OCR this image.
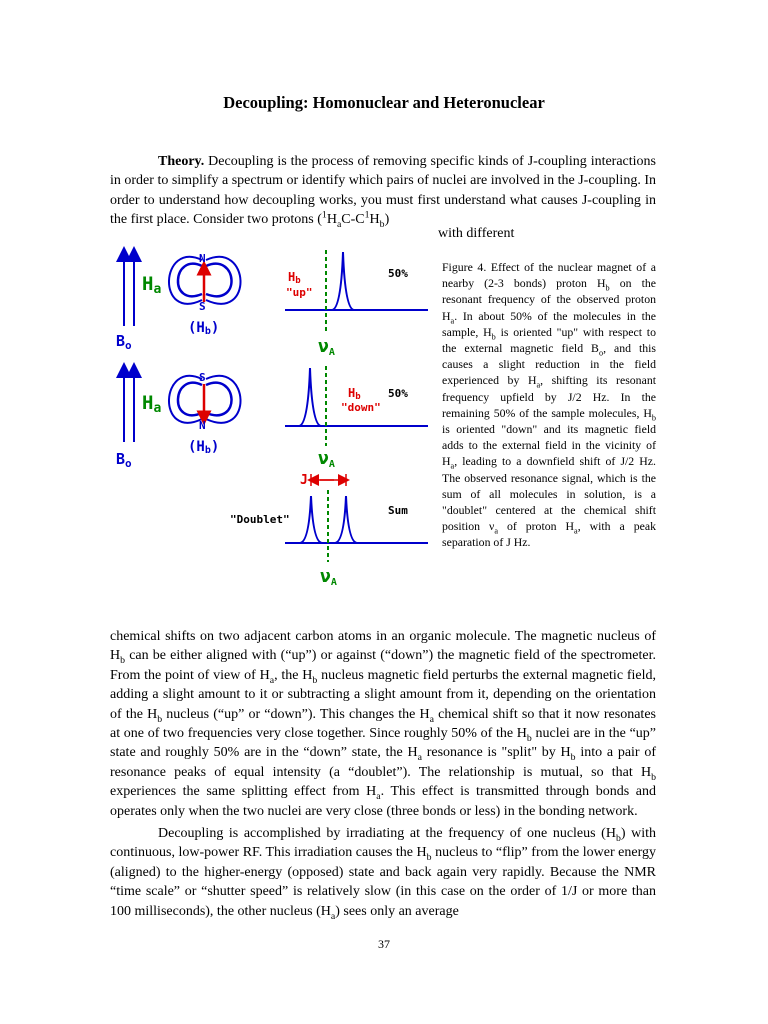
Decoupling: Homonuclear and Heteronuclear

Theory. Decoupling is the process of removing specific kinds of J-coupling interactions in order to simplify a spectrum or identify which pairs of nuclei are involved in the J-coupling. In order to understand how decoupling works, you must first understand what causes J-coupling in the first place. Consider two protons $(^1H_aC-C^1H_b)$

with different

Ha
N
S
(Hb)
$B_o$
Hb
"up"
50%
νA
Ha
S
N
(Hb)
$B_o$
Hb
"down"
50%
νA
J
Sum
"Doublet"
νA

Figure 4. Effect of the nuclear magnet of a nearby (2-3 bonds) proton $H_b$ on the resonant frequency of the observed proton $H_a$. In about 50% of the molecules in the sample, $H_b$ is oriented "up" with respect to the external magnetic field $B_o$, and this causes a slight reduction in the field experienced by $H_a$, shifting its resonant frequency upfield by J/2 Hz. In the remaining 50% of the sample molecules, $H_b$ is oriented "down" and its magnetic field adds to the external field in the vicinity of $H_a$, leading to a downfield shift of J/2 Hz. The observed resonance signal, which is the sum of all molecules in solution, is a "doublet" centered at the chemical shift position $\nu_a$ of proton $H_a$, with a peak separation of J Hz.

chemical shifts on two adjacent carbon atoms in an organic molecule. The magnetic nucleus of $H_b$ can be either aligned with (“up”) or against (“down”) the magnetic field of the spectrometer. From the point of view of $H_a$, the $H_b$ nucleus magnetic field perturbs the external magnetic field, adding a slight amount to it or subtracting a slight amount from it, depending on the orientation of the $H_b$ nucleus (“up” or “down”). This changes the $H_a$ chemical shift so that it now resonates at one of two frequencies very close together. Since roughly 50% of the $H_b$ nuclei are in the “up” state and roughly 50% are in the “down” state, the $H_a$ resonance is "split" by $H_b$ into a pair of resonance peaks of equal intensity (a “doublet”). The relationship is mutual, so that $H_b$ experiences the same splitting effect from $H_a$. This effect is transmitted through bonds and operates only when the two nuclei are very close (three bonds or less) in the bonding network.

Decoupling is accomplished by irradiating at the frequency of one nucleus $(H_b)$ with continuous, low-power RF. This irradiation causes the $H_b$ nucleus to “flip” from the lower energy (aligned) to the higher-energy (opposed) state and back again very rapidly. Because the NMR “time scale” or “shutter speed” is relatively slow (in this case on the order of 1/J or more than 100 milliseconds), the other nucleus $(H_a)$ sees only an average

37
